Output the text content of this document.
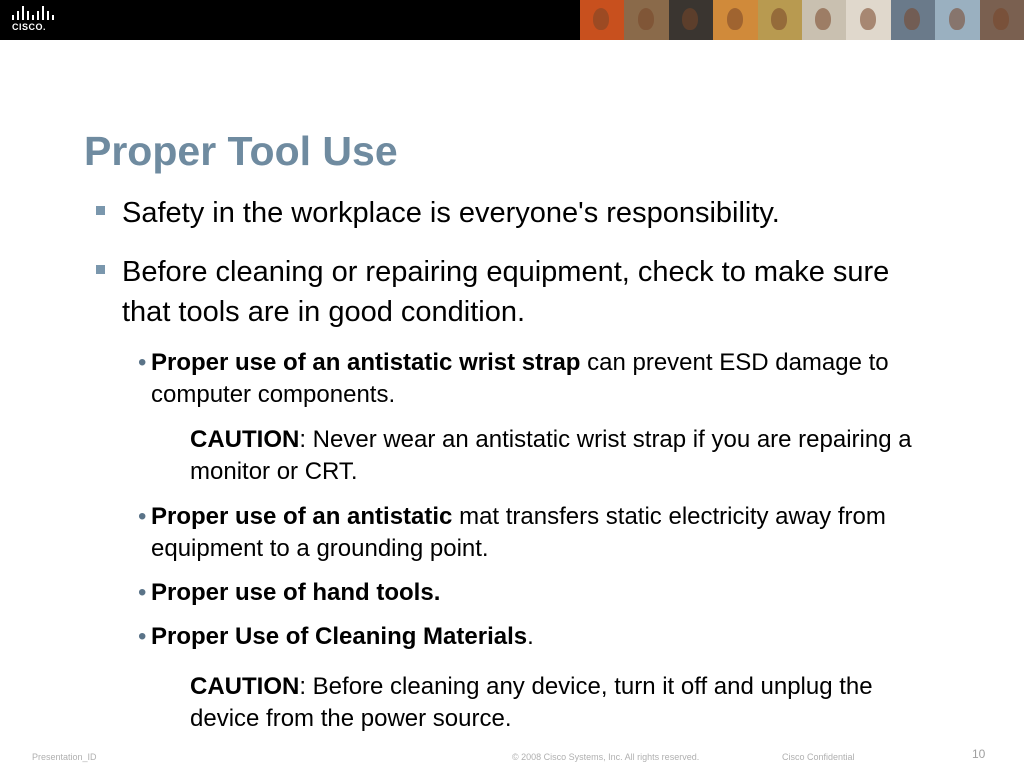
CISCO.
Proper Tool Use
Safety in the workplace is everyone's responsibility.
Before cleaning or repairing equipment, check to make sure that tools are in good condition.
• Proper use of an antistatic wrist strap can prevent ESD damage to computer components.
CAUTION: Never wear an antistatic wrist strap if you are repairing a monitor or CRT.
• Proper use of an antistatic mat transfers static electricity away from equipment to a grounding point.
• Proper use of hand tools.
• Proper Use of Cleaning Materials.
CAUTION: Before cleaning any device, turn it off and unplug the device from the power source.
Presentation_ID	© 2008 Cisco Systems, Inc. All rights reserved.	Cisco Confidential	10
